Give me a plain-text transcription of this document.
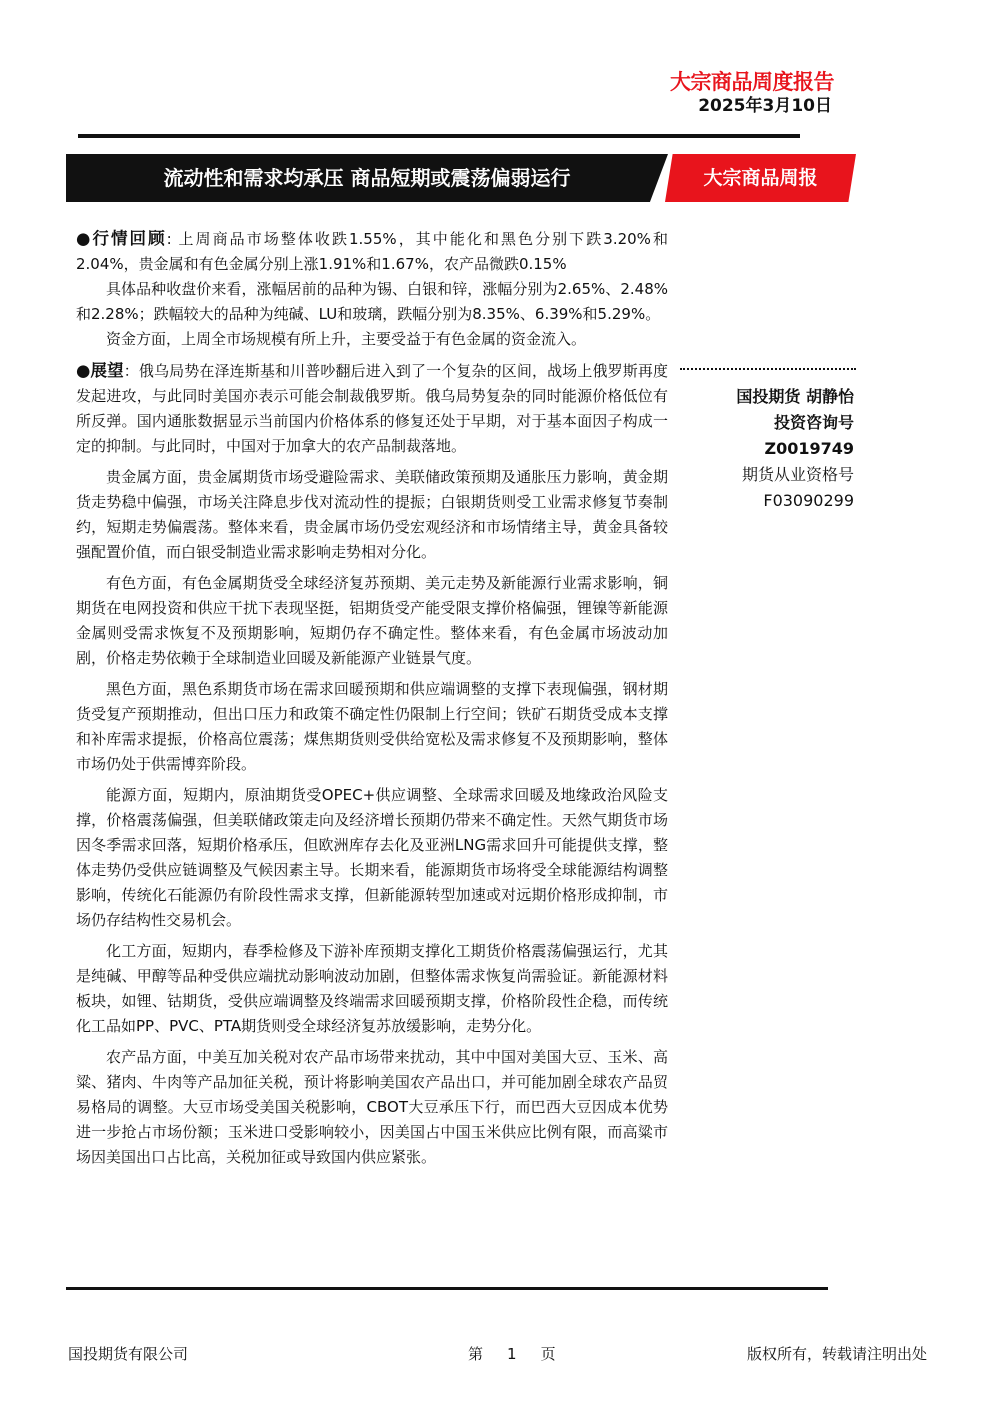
大宗商品周度报告
2025年3月10日
流动性和需求均承压 商品短期或震荡偏弱运行	大宗商品周报

●行情回顾: 上周商品市场整体收跌1.55%，其中能化和黑色分别下跌3.20%和2.04%，贵金属和有色金属分别上涨1.91%和1.67%，农产品微跌0.15%

具体品种收盘价来看，涨幅居前的品种为锡、白银和锌，涨幅分别为2.65%、2.48%和2.28%；跌幅较大的品种为纯碱、LU和玻璃，跌幅分别为8.35%、6.39%和5.29%。

资金方面，上周全市场规模有所上升，主要受益于有色金属的资金流入。

●展望：俄乌局势在泽连斯基和川普吵翻后进入到了一个复杂的区间，战场上俄罗斯再度发起进攻，与此同时美国亦表示可能会制裁俄罗斯。俄乌局势复杂的同时能源价格低位有所反弹。国内通胀数据显示当前国内价格体系的修复还处于早期，对于基本面因子构成一定的抑制。与此同时，中国对于加拿大的农产品制裁落地。

贵金属方面，贵金属期货市场受避险需求、美联储政策预期及通胀压力影响，黄金期货走势稳中偏强，市场关注降息步伐对流动性的提振；白银期货则受工业需求修复节奏制约，短期走势偏震荡。整体来看，贵金属市场仍受宏观经济和市场情绪主导，黄金具备较强配置价值，而白银受制造业需求影响走势相对分化。

有色方面，有色金属期货受全球经济复苏预期、美元走势及新能源行业需求影响，铜期货在电网投资和供应干扰下表现坚挺，铝期货受产能受限支撑价格偏强，锂镍等新能源金属则受需求恢复不及预期影响，短期仍存不确定性。整体来看，有色金属市场波动加剧，价格走势依赖于全球制造业回暖及新能源产业链景气度。

黑色方面，黑色系期货市场在需求回暖预期和供应端调整的支撑下表现偏强，钢材期货受复产预期推动，但出口压力和政策不确定性仍限制上行空间；铁矿石期货受成本支撑和补库需求提振，价格高位震荡；煤焦期货则受供给宽松及需求修复不及预期影响，整体市场仍处于供需博弈阶段。

能源方面，短期内，原油期货受OPEC+供应调整、全球需求回暖及地缘政治风险支撑，价格震荡偏强，但美联储政策走向及经济增长预期仍带来不确定性。天然气期货市场因冬季需求回落，短期价格承压，但欧洲库存去化及亚洲LNG需求回升可能提供支撑，整体走势仍受供应链调整及气候因素主导。长期来看，能源期货市场将受全球能源结构调整影响，传统化石能源仍有阶段性需求支撑，但新能源转型加速或对远期价格形成抑制，市场仍存结构性交易机会。

化工方面，短期内，春季检修及下游补库预期支撑化工期货价格震荡偏强运行，尤其是纯碱、甲醇等品种受供应端扰动影响波动加剧，但整体需求恢复尚需验证。新能源材料板块，如锂、钴期货，受供应端调整及终端需求回暖预期支撑，价格阶段性企稳，而传统化工品如PP、PVC、PTA期货则受全球经济复苏放缓影响，走势分化。

农产品方面，中美互加关税对农产品市场带来扰动，其中中国对美国大豆、玉米、高粱、猪肉、牛肉等产品加征关税，预计将影响美国农产品出口，并可能加剧全球农产品贸易格局的调整。大豆市场受美国关税影响，CBOT大豆承压下行，而巴西大豆因成本优势进一步抢占市场份额；玉米进口受影响较小，因美国占中国玉米供应比例有限，而高粱市场因美国出口占比高，关税加征或导致国内供应紧张。

国投期货 胡静怡
投资咨询号
Z0019749
期货从业资格号
F03090299
国投期货有限公司	第 1 页	版权所有，转载请注明出处
